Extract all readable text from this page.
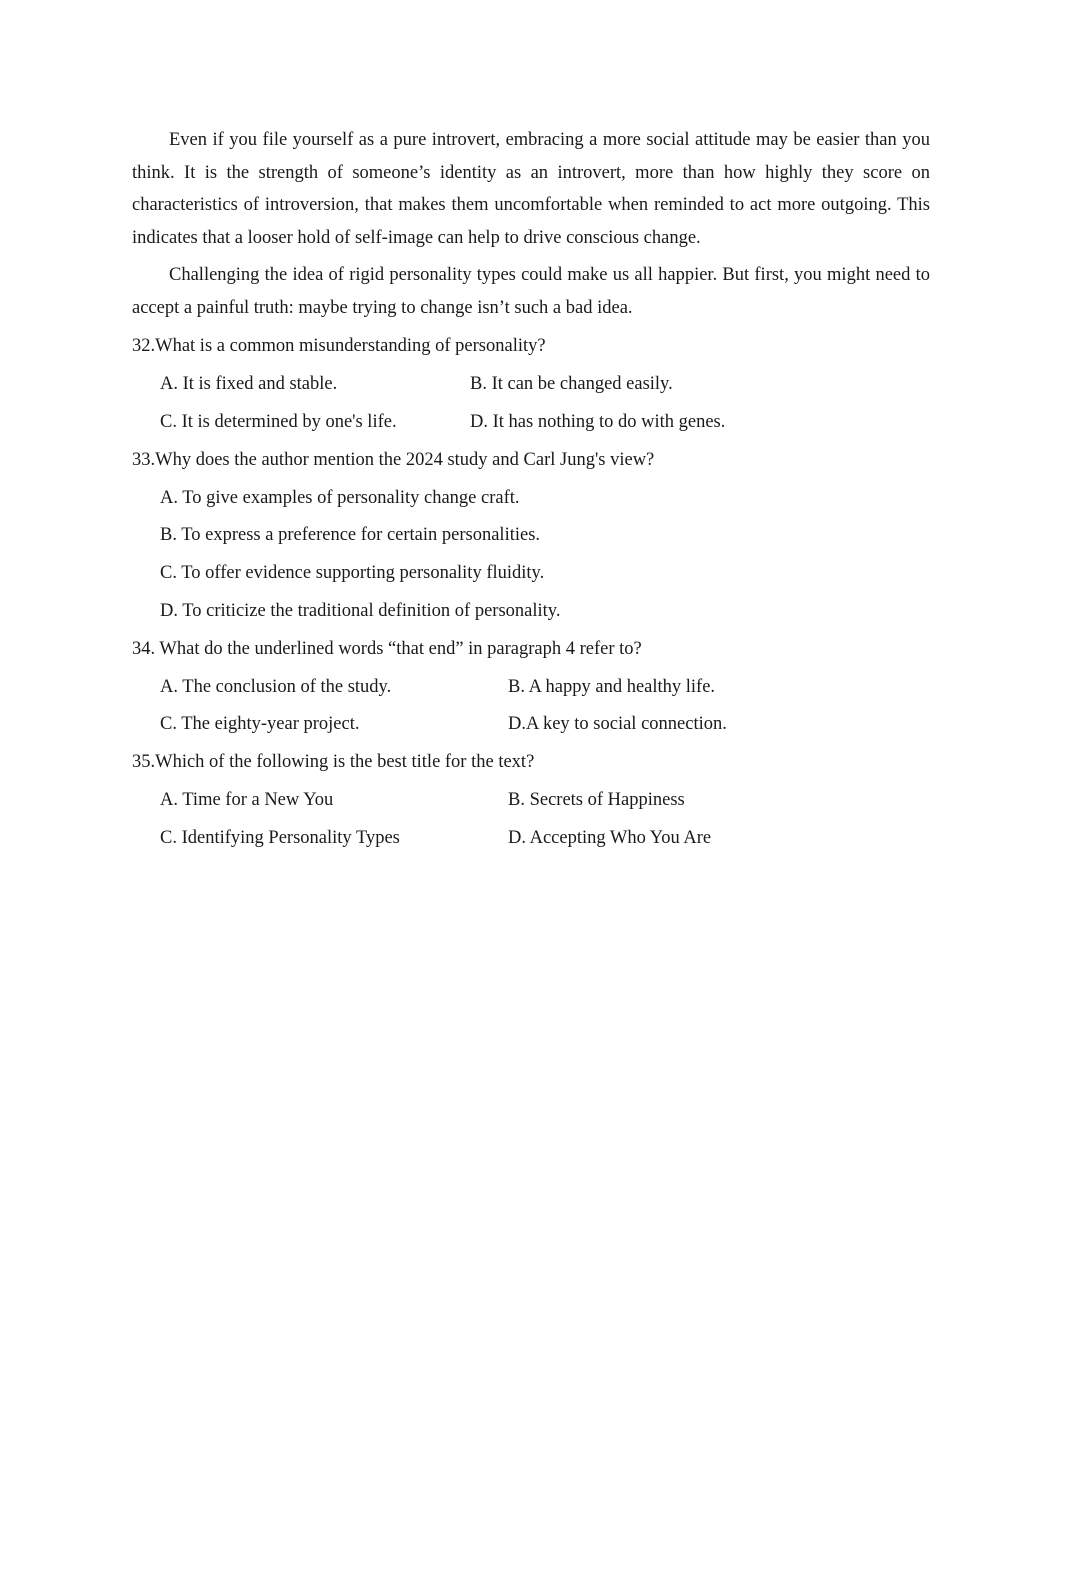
Even if you file yourself as a pure introvert, embracing a more social attitude may be easier than you think. It is the strength of someone’s identity as an introvert, more than how highly they score on characteristics of introversion, that makes them uncomfortable when reminded to act more outgoing. This indicates that a looser hold of self-image can help to drive conscious change.

Challenging the idea of rigid personality types could make us all happier. But first, you might need to accept a painful truth: maybe trying to change isn’t such a bad idea.

32.What is a common misunderstanding of personality?

A. It is fixed and stable.	B. It can be changed easily.

C. It is determined by one's life.	D. It has nothing to do with genes.

33.Why does the author mention the 2024 study and Carl Jung's view?

A. To give examples of personality change craft.

B. To express a preference for certain personalities.

C. To offer evidence supporting personality fluidity.

D. To criticize the traditional definition of personality.

34. What do the underlined words “that end” in paragraph 4 refer to?

A. The conclusion of the study.	B. A happy and healthy life.

C. The eighty-year project.	D.A key to social connection.

35.Which of the following is the best title for the text?

A. Time for a New You	B. Secrets of Happiness

C. Identifying Personality Types	D. Accepting Who You Are
